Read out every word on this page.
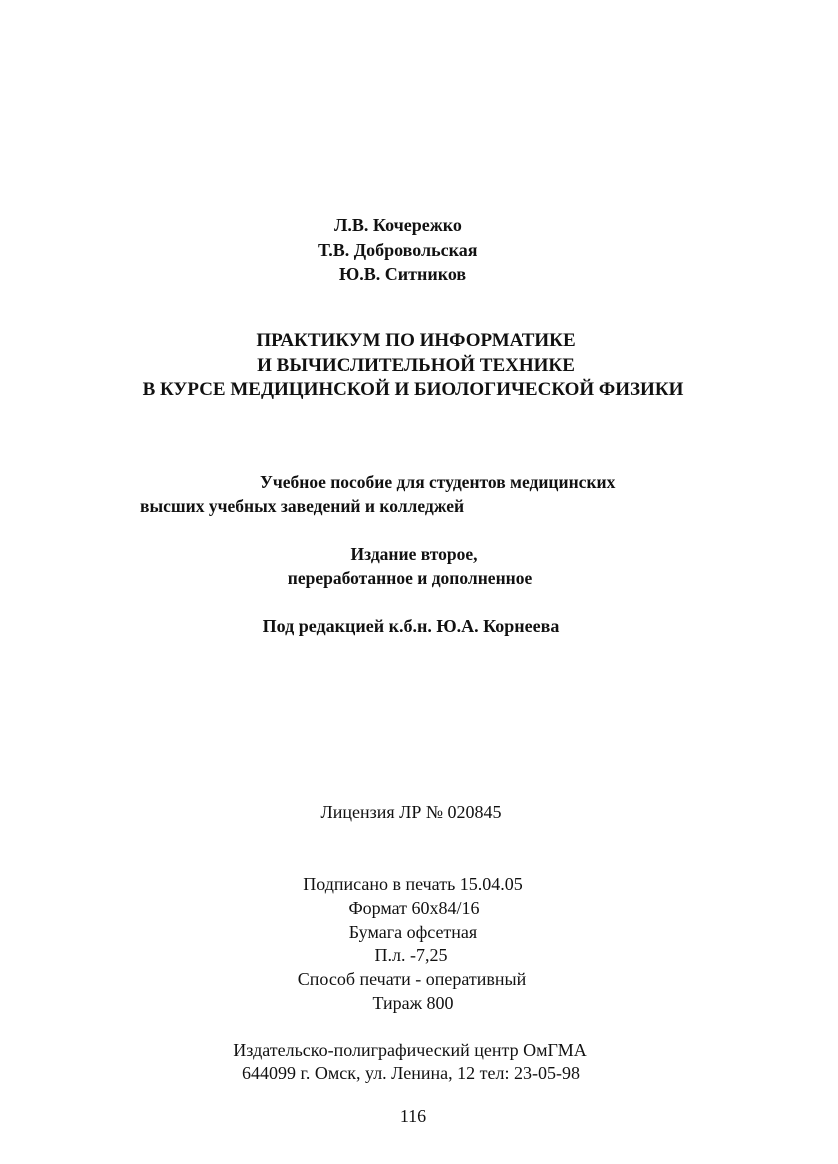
Л.В. Кочережко
Т.В. Добровольская
Ю.В. Ситников
ПРАКТИКУМ ПО ИНФОРМАТИКЕ
И ВЫЧИСЛИТЕЛЬНОЙ ТЕХНИКЕ
В КУРСЕ МЕДИЦИНСКОЙ И БИОЛОГИЧЕСКОЙ ФИЗИКИ
Учебное пособие для студентов медицинских
высших учебных заведений и колледжей
Издание второе,
переработанное и дополненное
Под редакцией к.б.н. Ю.А. Корнеева
Лицензия ЛР № 020845
Подписано в печать 15.04.05
Формат 60х84/16
Бумага офсетная
П.л. -7,25
Способ печати - оперативный
Тираж 800
Издательско-полиграфический центр ОмГМА
644099 г. Омск, ул. Ленина, 12 тел: 23-05-98
116
